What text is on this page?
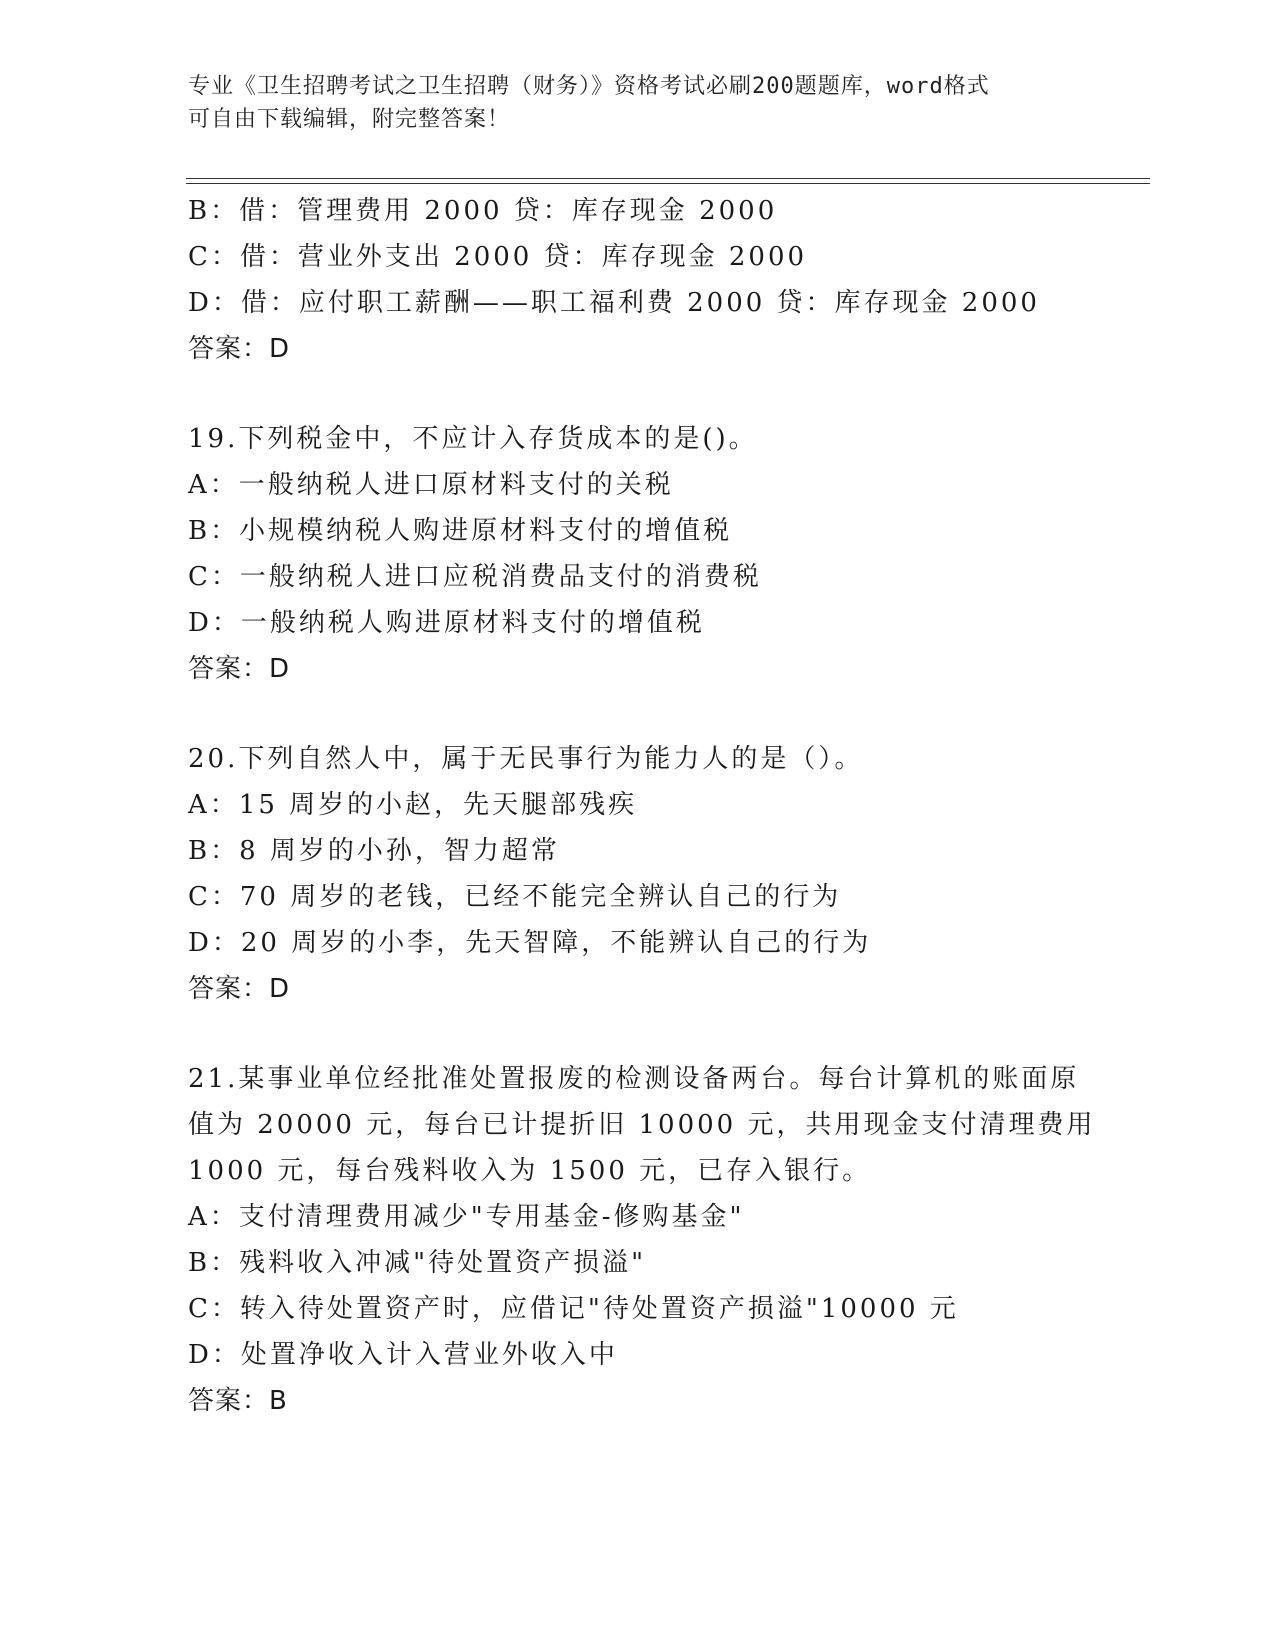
专业《卫生招聘考试之卫生招聘（财务）》资格考试必刷200题题库，word格式
可自由下载编辑，附完整答案！
B：借：管理费用 2000 贷：库存现金 2000
C：借：营业外支出 2000 贷：库存现金 2000
D：借：应付职工薪酬——职工福利费 2000 贷：库存现金 2000
答案：D
19.下列税金中，不应计入存货成本的是()。
A：一般纳税人进口原材料支付的关税
B：小规模纳税人购进原材料支付的增值税
C：一般纳税人进口应税消费品支付的消费税
D：一般纳税人购进原材料支付的增值税
答案：D
20.下列自然人中，属于无民事行为能力人的是（）。
A：15 周岁的小赵，先天腿部残疾
B：8 周岁的小孙，智力超常
C：70 周岁的老钱，已经不能完全辨认自己的行为
D：20 周岁的小李，先天智障，不能辨认自己的行为
答案：D
21.某事业单位经批准处置报废的检测设备两台。每台计算机的账面原
值为 20000 元，每台已计提折旧 10000 元，共用现金支付清理费用
1000 元，每台残料收入为 1500 元，已存入银行。
A：支付清理费用减少"专用基金-修购基金"
B：残料收入冲减"待处置资产损溢"
C：转入待处置资产时，应借记"待处置资产损溢"10000 元
D：处置净收入计入营业外收入中
答案：B
